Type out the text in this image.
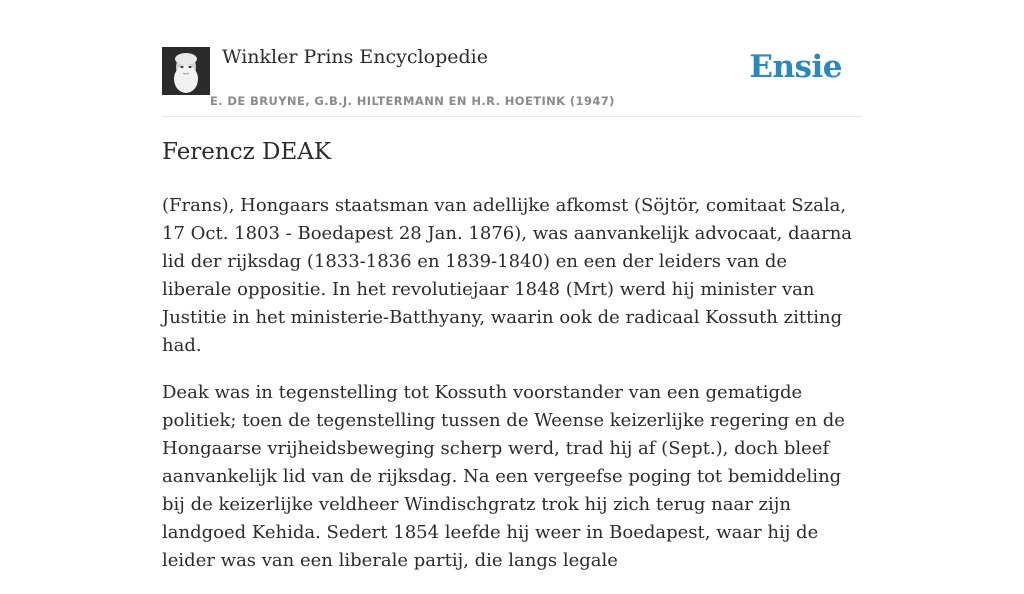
Winkler Prins Encyclopedie
E. DE BRUYNE, G.B.J. HILTERMANN EN H.R. HOETINK (1947)
Ensie
Ferencz DEAK

(Frans), Hongaars staatsman van adellijke afkomst (Söjtör, comitaat Szala, 17 Oct. 1803 - Boedapest 28 Jan. 1876), was aanvankelijk advocaat, daarna lid der rijksdag (1833-1836 en 1839-1840) en een der leiders van de liberale oppositie. In het revolutiejaar 1848 (Mrt) werd hij minister van Justitie in het ministerie-Batthyany, waarin ook de radicaal Kossuth zitting had.

Deak was in tegenstelling tot Kossuth voorstander van een gematigde politiek; toen de tegenstelling tussen de Weense keizerlijke regering en de Hongaarse vrijheidsbeweging scherp werd, trad hij af (Sept.), doch bleef aanvankelijk lid van de rijksdag. Na een vergeefse poging tot bemiddeling bij de keizerlijke veldheer Windischgratz trok hij zich terug naar zijn landgoed Kehida. Sedert 1854 leefde hij weer in Boedapest, waar hij de leider was van een liberale partij, die langs legale
